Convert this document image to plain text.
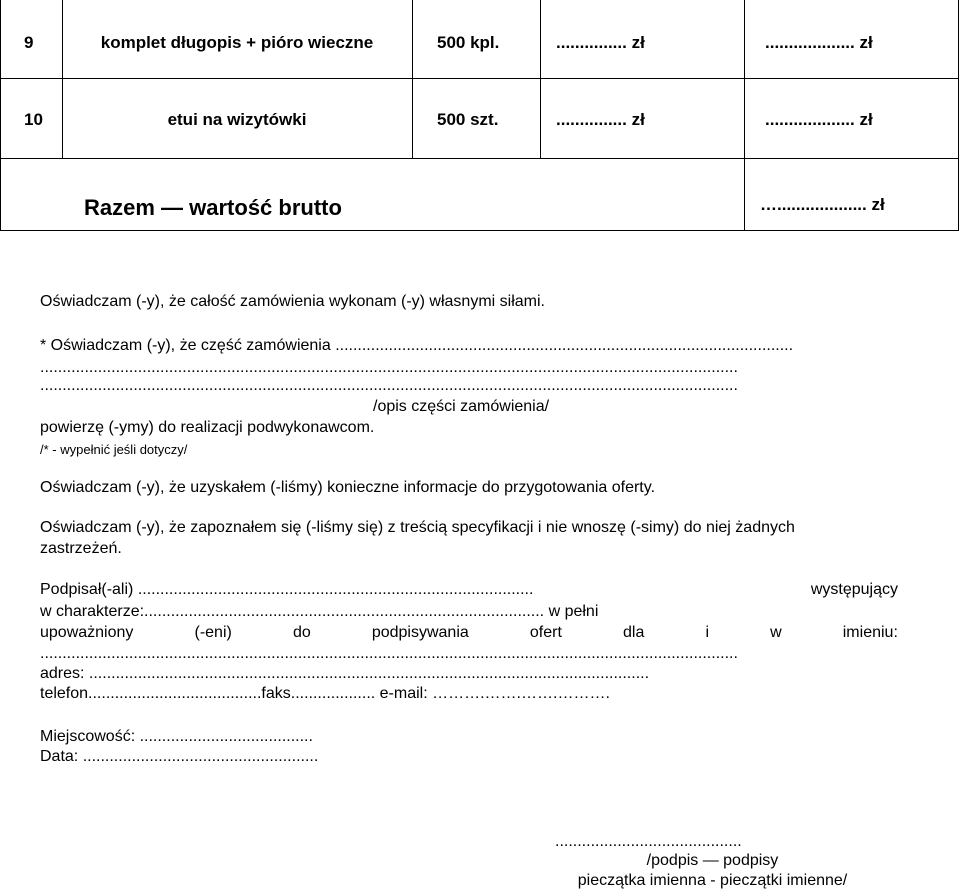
9	komplet długopis + pióro wieczne	500 kpl.	............... zł	................... zł
10	etui na wizytówki	500 szt.	............... zł	................... zł
Razem — wartość brutto	…................... zł
Oświadczam (-y), że całość zamówienia wykonam (-y) własnymi siłami.
* Oświadczam (-y), że część zamówienia .......................................................................................................
.............................................................................................................................................................
.............................................................................................................................................................
/opis części zamówienia/
powierzę (-ymy) do realizacji podwykonawcom.
/* - wypełnić jeśli dotyczy/
Oświadczam (-y), że uzyskałem (-liśmy) konieczne informacje do przygotowania oferty.
Oświadczam (-y), że zapoznałem się (-liśmy się) z treścią specyfikacji i nie wnoszę (-simy) do niej żadnych
zastrzeżeń.
Podpisał(-ali) .........................................................................................	występujący
w charakterze:.......................................................................................... w pełni
upoważniony	(-eni)	do	podpisywania	ofert	dla	i	w	imieniu:
.............................................................................................................................................................
adres: ..............................................................................................................................
telefon.......................................faks................... e-mail: ……….…….…….……….
Miejscowość: .......................................
Data: .....................................................
..........................................
/podpis — podpisy
pieczątka imienna - pieczątki imienne/
